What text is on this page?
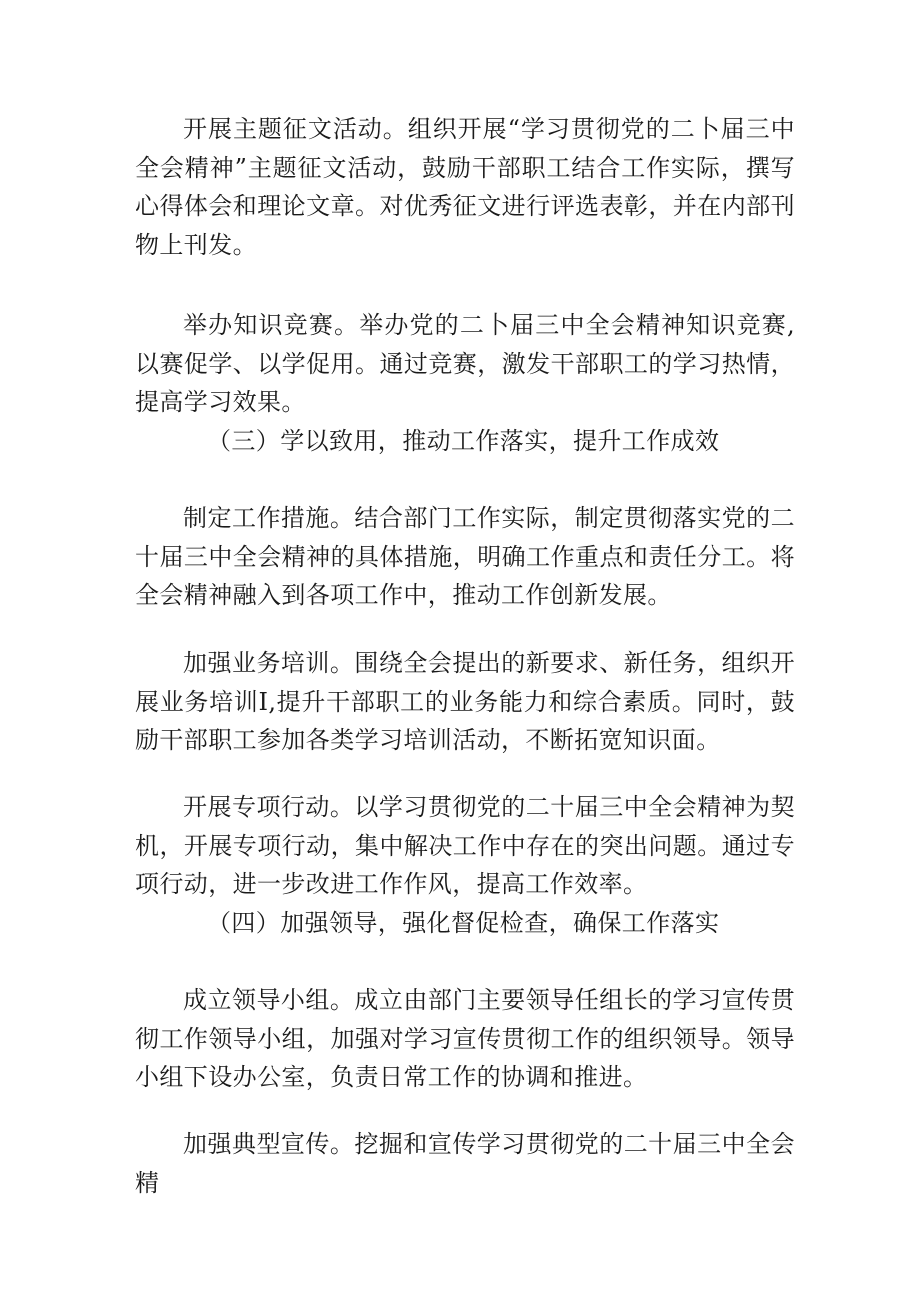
开展主题征文活动。组织开展“学习贯彻党的二卜届三中全会精神”主题征文活动，鼓励干部职工结合工作实际，撰写心得体会和理论文章。对优秀征文进行评选表彰，并在内部刊物上刊发。

举办知识竞赛。举办党的二卜届三中全会精神知识竞赛,以赛促学、以学促用。通过竞赛，激发干部职工的学习热情，提高学习效果。

（三）学以致用，推动工作落实，提升工作成效

制定工作措施。结合部门工作实际，制定贯彻落实党的二十届三中全会精神的具体措施，明确工作重点和责任分工。将全会精神融入到各项工作中，推动工作创新发展。

加强业务培训。围绕全会提出的新要求、新任务，组织开展业务培训I,提升干部职工的业务能力和综合素质。同时，鼓励干部职工参加各类学习培训活动，不断拓宽知识面。

开展专项行动。以学习贯彻党的二十届三中全会精神为契机，开展专项行动，集中解决工作中存在的突出问题。通过专项行动，进一步改进工作作风，提高工作效率。

（四）加强领导，强化督促检查，确保工作落实

成立领导小组。成立由部门主要领导任组长的学习宣传贯彻工作领导小组，加强对学习宣传贯彻工作的组织领导。领导小组下设办公室，负责日常工作的协调和推进。

加强典型宣传。挖掘和宣传学习贯彻党的二十届三中全会精
